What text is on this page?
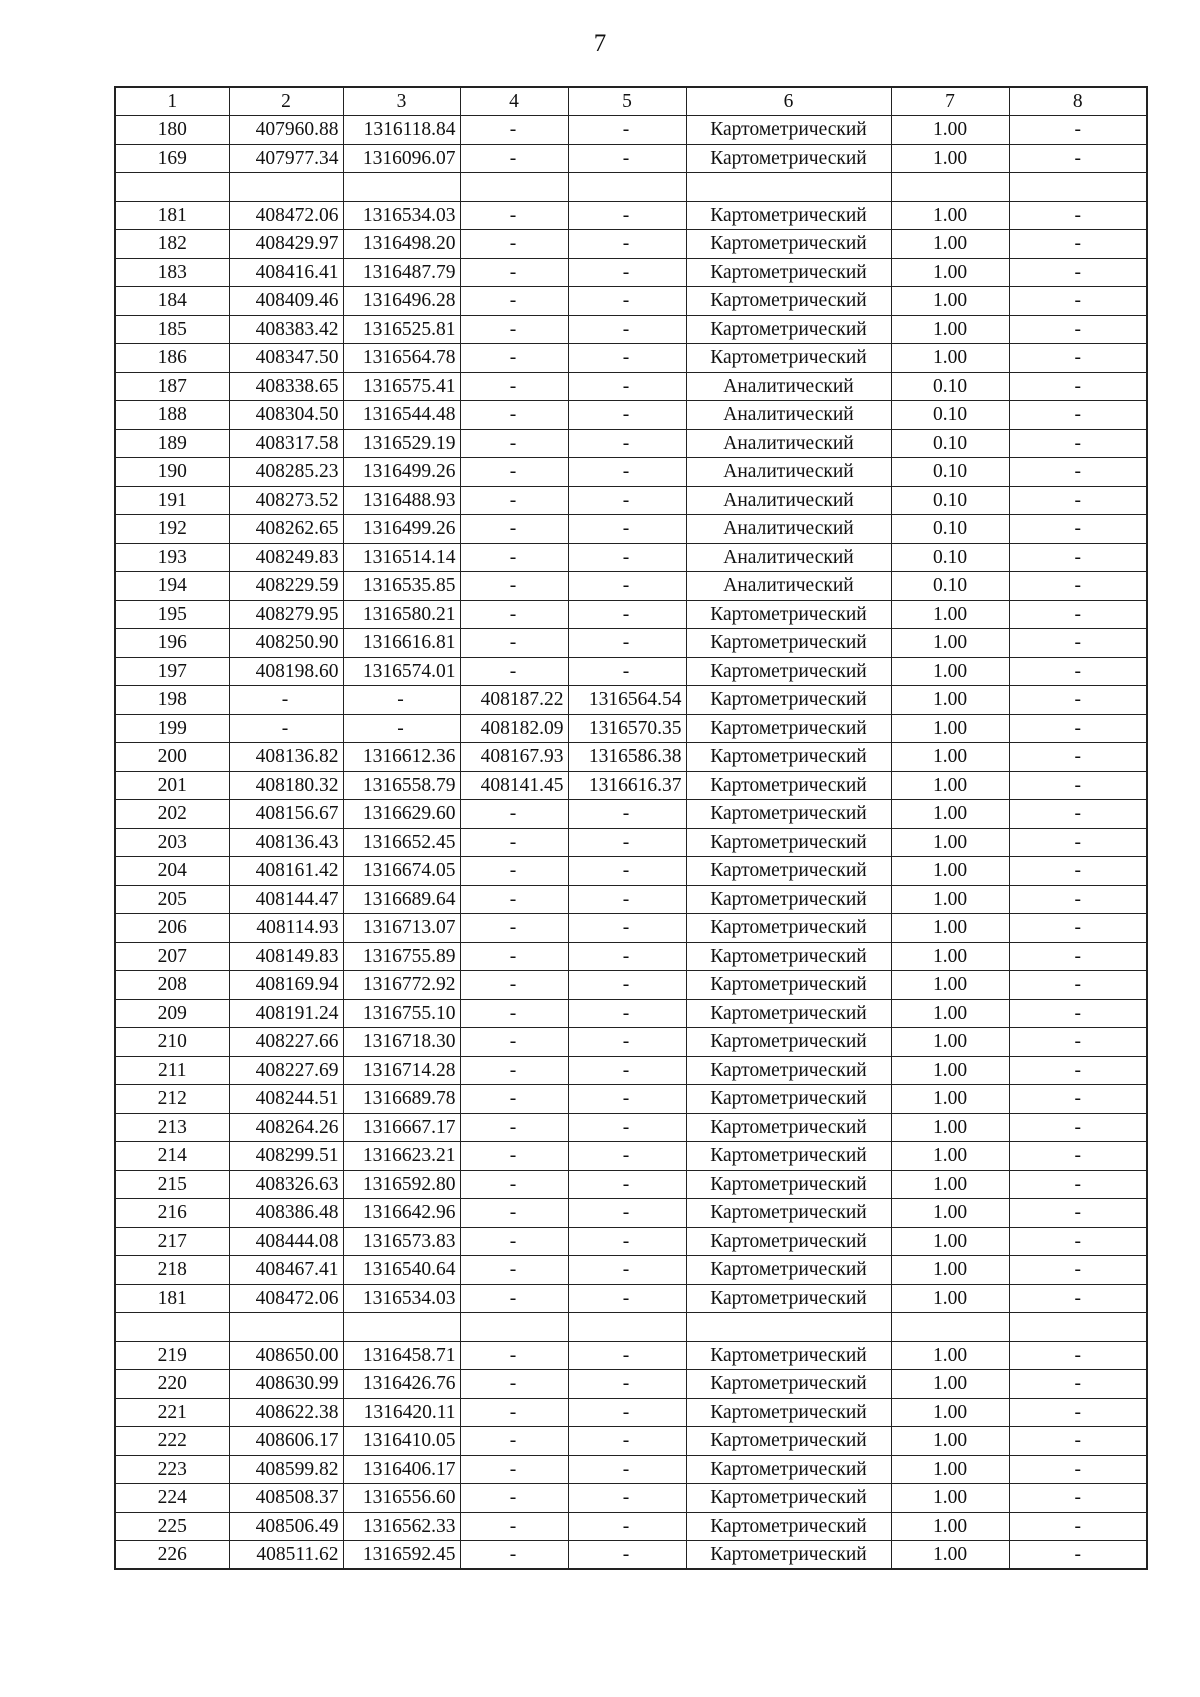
7
1	2	3	4	5	6	7	8
180	407960.88	1316118.84	-	-	Картометрический	1.00	-
169	407977.34	1316096.07	-	-	Картометрический	1.00	-

181	408472.06	1316534.03	-	-	Картометрический	1.00	-
182	408429.97	1316498.20	-	-	Картометрический	1.00	-
183	408416.41	1316487.79	-	-	Картометрический	1.00	-
184	408409.46	1316496.28	-	-	Картометрический	1.00	-
185	408383.42	1316525.81	-	-	Картометрический	1.00	-
186	408347.50	1316564.78	-	-	Картометрический	1.00	-
187	408338.65	1316575.41	-	-	Аналитический	0.10	-
188	408304.50	1316544.48	-	-	Аналитический	0.10	-
189	408317.58	1316529.19	-	-	Аналитический	0.10	-
190	408285.23	1316499.26	-	-	Аналитический	0.10	-
191	408273.52	1316488.93	-	-	Аналитический	0.10	-
192	408262.65	1316499.26	-	-	Аналитический	0.10	-
193	408249.83	1316514.14	-	-	Аналитический	0.10	-
194	408229.59	1316535.85	-	-	Аналитический	0.10	-
195	408279.95	1316580.21	-	-	Картометрический	1.00	-
196	408250.90	1316616.81	-	-	Картометрический	1.00	-
197	408198.60	1316574.01	-	-	Картометрический	1.00	-
198	-	-	408187.22	1316564.54	Картометрический	1.00	-
199	-	-	408182.09	1316570.35	Картометрический	1.00	-
200	408136.82	1316612.36	408167.93	1316586.38	Картометрический	1.00	-
201	408180.32	1316558.79	408141.45	1316616.37	Картометрический	1.00	-
202	408156.67	1316629.60	-	-	Картометрический	1.00	-
203	408136.43	1316652.45	-	-	Картометрический	1.00	-
204	408161.42	1316674.05	-	-	Картометрический	1.00	-
205	408144.47	1316689.64	-	-	Картометрический	1.00	-
206	408114.93	1316713.07	-	-	Картометрический	1.00	-
207	408149.83	1316755.89	-	-	Картометрический	1.00	-
208	408169.94	1316772.92	-	-	Картометрический	1.00	-
209	408191.24	1316755.10	-	-	Картометрический	1.00	-
210	408227.66	1316718.30	-	-	Картометрический	1.00	-
211	408227.69	1316714.28	-	-	Картометрический	1.00	-
212	408244.51	1316689.78	-	-	Картометрический	1.00	-
213	408264.26	1316667.17	-	-	Картометрический	1.00	-
214	408299.51	1316623.21	-	-	Картометрический	1.00	-
215	408326.63	1316592.80	-	-	Картометрический	1.00	-
216	408386.48	1316642.96	-	-	Картометрический	1.00	-
217	408444.08	1316573.83	-	-	Картометрический	1.00	-
218	408467.41	1316540.64	-	-	Картометрический	1.00	-
181	408472.06	1316534.03	-	-	Картометрический	1.00	-

219	408650.00	1316458.71	-	-	Картометрический	1.00	-
220	408630.99	1316426.76	-	-	Картометрический	1.00	-
221	408622.38	1316420.11	-	-	Картометрический	1.00	-
222	408606.17	1316410.05	-	-	Картометрический	1.00	-
223	408599.82	1316406.17	-	-	Картометрический	1.00	-
224	408508.37	1316556.60	-	-	Картометрический	1.00	-
225	408506.49	1316562.33	-	-	Картометрический	1.00	-
226	408511.62	1316592.45	-	-	Картометрический	1.00	-
